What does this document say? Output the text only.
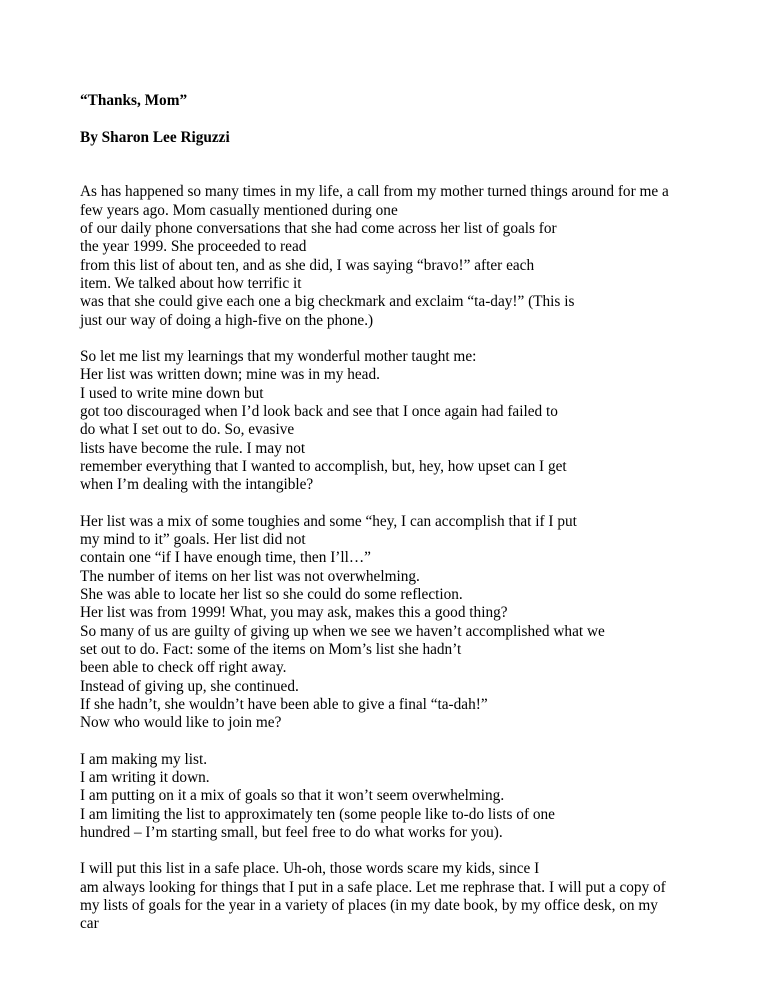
“Thanks, Mom”

By Sharon Lee Riguzzi

As has happened so many times in my life, a call from my mother turned things around for me a
few years ago. Mom casually mentioned during one
of our daily phone conversations that she had come across her list of goals for
the year 1999. She proceeded to read
from this list of about ten, and as she did, I was saying “bravo!” after each
item. We talked about how terrific it
was that she could give each one a big checkmark and exclaim “ta-day!” (This is
just our way of doing a high-five on the phone.)
So let me list my learnings that my wonderful mother taught me:
Her list was written down; mine was in my head.
I used to write mine down but
got too discouraged when I’d look back and see that I once again had failed to
do what I set out to do. So, evasive
lists have become the rule. I may not
remember everything that I wanted to accomplish, but, hey, how upset can I get
when I’m dealing with the intangible?
Her list was a mix of some toughies and some “hey, I can accomplish that if I put
my mind to it” goals. Her list did not
contain one “if I have enough time, then I’ll…”
The number of items on her list was not overwhelming.
She was able to locate her list so she could do some reflection.
Her list was from 1999! What, you may ask, makes this a good thing?
So many of us are guilty of giving up when we see we haven’t accomplished what we
set out to do. Fact: some of the items on Mom’s list she hadn’t
been able to check off right away.
Instead of giving up, she continued.
If she hadn’t, she wouldn’t have been able to give a final “ta-dah!”
Now who would like to join me?
I am making my list.
I am writing it down.
I am putting on it a mix of goals so that it won’t seem overwhelming.
I am limiting the list to approximately ten (some people like to-do lists of one
hundred – I’m starting small, but feel free to do what works for you).
I will put this list in a safe place. Uh-oh, those words scare my kids, since I
am always looking for things that I put in a safe place. Let me rephrase that. I will put a copy of
my lists of goals for the year in a variety of places (in my date book, by my office desk, on my
car
